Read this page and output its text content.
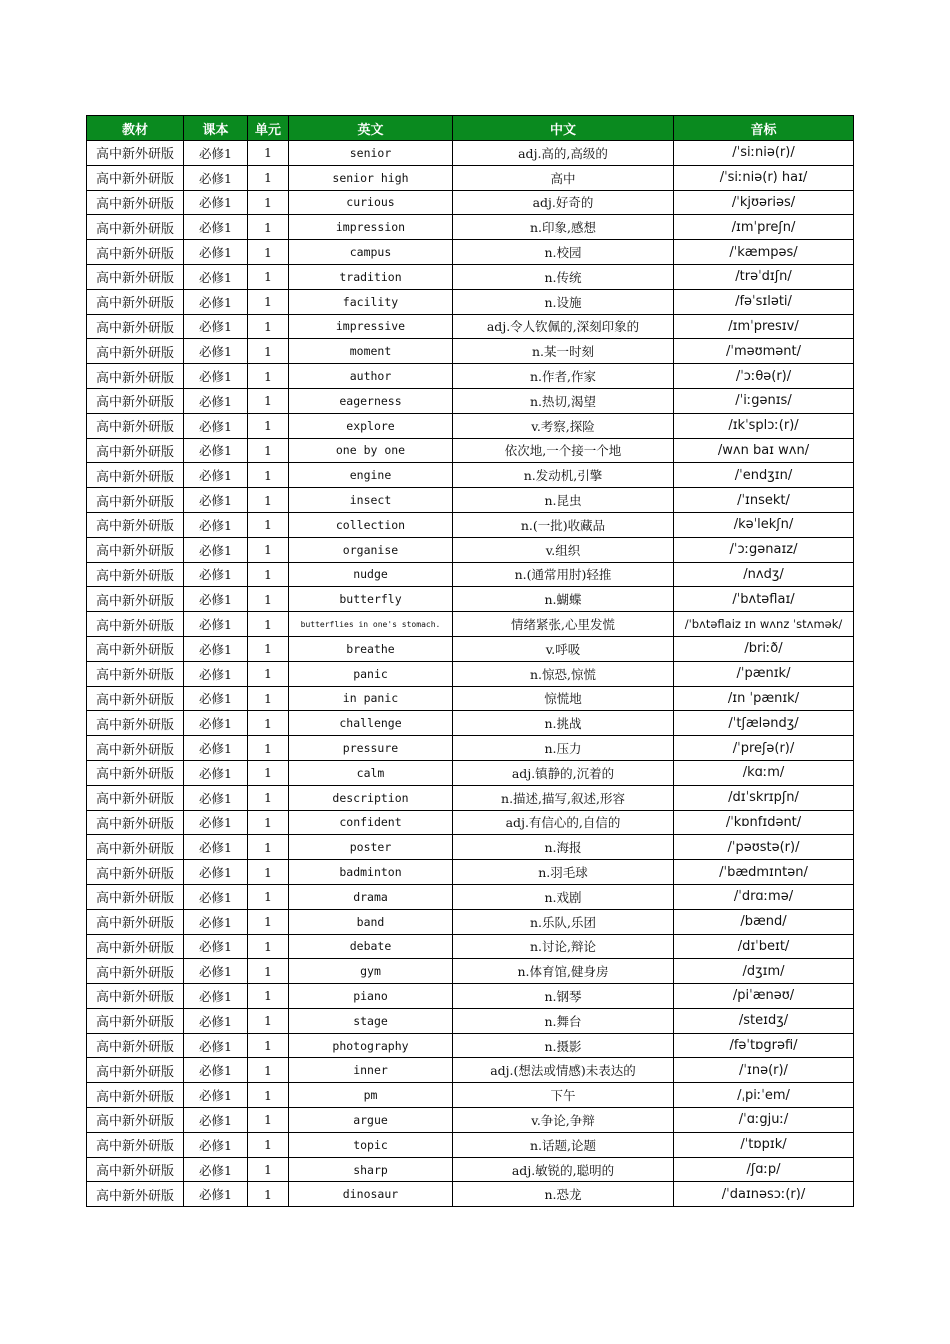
教材	课本	单元	英文	中文	音标
高中新外研版	必修1	1	senior	adj.高的,高级的	/ˈsiːniə(r)/
高中新外研版	必修1	1	senior high	高中	/ˈsiːniə(r) haɪ/
高中新外研版	必修1	1	curious	adj.好奇的	/ˈkjʊəriəs/
高中新外研版	必修1	1	impression	n.印象,感想	/ɪmˈpreʃn/
高中新外研版	必修1	1	campus	n.校园	/ˈkæmpəs/
高中新外研版	必修1	1	tradition	n.传统	/trəˈdɪʃn/
高中新外研版	必修1	1	facility	n.设施	/fəˈsɪləti/
高中新外研版	必修1	1	impressive	adj.令人钦佩的,深刻印象的	/ɪmˈpresɪv/
高中新外研版	必修1	1	moment	n.某一时刻	/ˈməʊmənt/
高中新外研版	必修1	1	author	n.作者,作家	/ˈɔːθə(r)/
高中新外研版	必修1	1	eagerness	n.热切,渴望	/ˈiːgənɪs/
高中新外研版	必修1	1	explore	v.考察,探险	/ɪkˈsplɔː(r)/
高中新外研版	必修1	1	one by one	依次地,一个接一个地	/wʌn baɪ wʌn/
高中新外研版	必修1	1	engine	n.发动机,引擎	/ˈendʒɪn/
高中新外研版	必修1	1	insect	n.昆虫	/ˈɪnsekt/
高中新外研版	必修1	1	collection	n.(一批)收藏品	/kəˈlekʃn/
高中新外研版	必修1	1	organise	v.组织	/ˈɔːgənaɪz/
高中新外研版	必修1	1	nudge	n.(通常用肘)轻推	/nʌdʒ/
高中新外研版	必修1	1	butterfly	n.蝴蝶	/ˈbʌtəflaɪ/
高中新外研版	必修1	1	butterflies in one's stomach.	情绪紧张,心里发慌	/ˈbʌtəflaiz ɪn wʌnz ˈstʌmək/
高中新外研版	必修1	1	breathe	v.呼吸	/briːð/
高中新外研版	必修1	1	panic	n.惊恐,惊慌	/ˈpænɪk/
高中新外研版	必修1	1	in panic	惊慌地	/ɪn ˈpænɪk/
高中新外研版	必修1	1	challenge	n.挑战	/ˈtʃæləndʒ/
高中新外研版	必修1	1	pressure	n.压力	/ˈpreʃə(r)/
高中新外研版	必修1	1	calm	adj.镇静的,沉着的	/kɑːm/
高中新外研版	必修1	1	description	n.描述,描写,叙述,形容	/dɪˈskrɪpʃn/
高中新外研版	必修1	1	confident	adj.有信心的,自信的	/ˈkɒnfɪdənt/
高中新外研版	必修1	1	poster	n.海报	/ˈpəʊstə(r)/
高中新外研版	必修1	1	badminton	n.羽毛球	/ˈbædmɪntən/
高中新外研版	必修1	1	drama	n.戏剧	/ˈdrɑːmə/
高中新外研版	必修1	1	band	n.乐队,乐团	/bænd/
高中新外研版	必修1	1	debate	n.讨论,辩论	/dɪˈbeɪt/
高中新外研版	必修1	1	gym	n.体育馆,健身房	/dʒɪm/
高中新外研版	必修1	1	piano	n.钢琴	/piˈænəʊ/
高中新外研版	必修1	1	stage	n.舞台	/steɪdʒ/
高中新外研版	必修1	1	photography	n.摄影	/fəˈtɒgrəfi/
高中新外研版	必修1	1	inner	adj.(想法或情感)未表达的	/ˈɪnə(r)/
高中新外研版	必修1	1	pm	下午	/ˌpiːˈem/
高中新外研版	必修1	1	argue	v.争论,争辩	/ˈɑːgjuː/
高中新外研版	必修1	1	topic	n.话题,论题	/ˈtɒpɪk/
高中新外研版	必修1	1	sharp	adj.敏锐的,聪明的	/ʃɑːp/
高中新外研版	必修1	1	dinosaur	n.恐龙	/ˈdaɪnəsɔː(r)/
